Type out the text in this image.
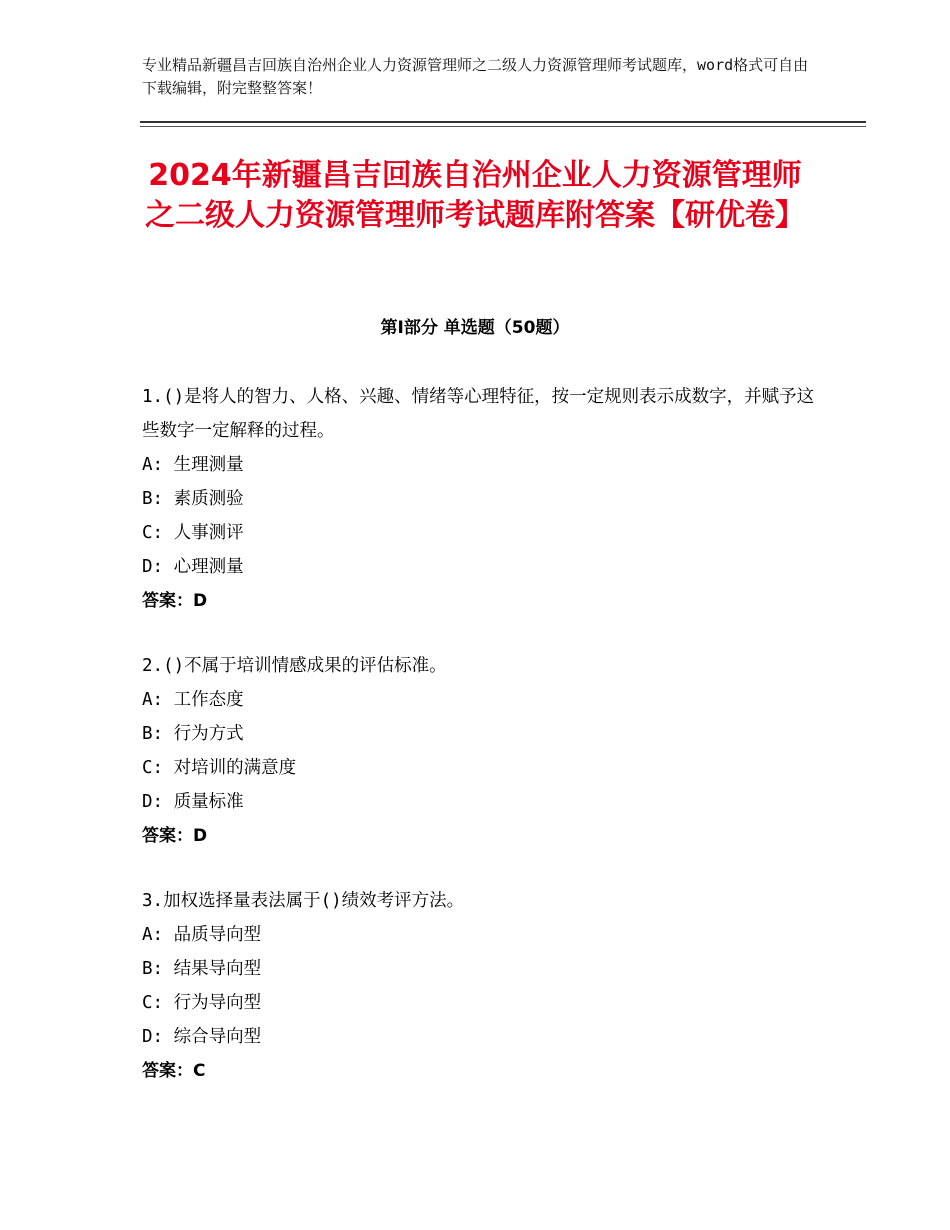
专业精品新疆昌吉回族自治州企业人力资源管理师之二级人力资源管理师考试题库，word格式可自由下载编辑，附完整整答案！
2024年新疆昌吉回族自治州企业人力资源管理师之二级人力资源管理师考试题库附答案【研优卷】
第Ⅰ部分 单选题（50题）

1.()是将人的智力、人格、兴趣、情绪等心理特征，按一定规则表示成数字，并赋予这些数字一定解释的过程。

A: 生理测量

B: 素质测验

C: 人事测评

D: 心理测量

答案：D

2.()不属于培训情感成果的评估标准。

A: 工作态度

B: 行为方式

C: 对培训的满意度

D: 质量标准

答案：D

3.加权选择量表法属于()绩效考评方法。

A: 品质导向型

B: 结果导向型

C: 行为导向型

D: 综合导向型

答案：C
